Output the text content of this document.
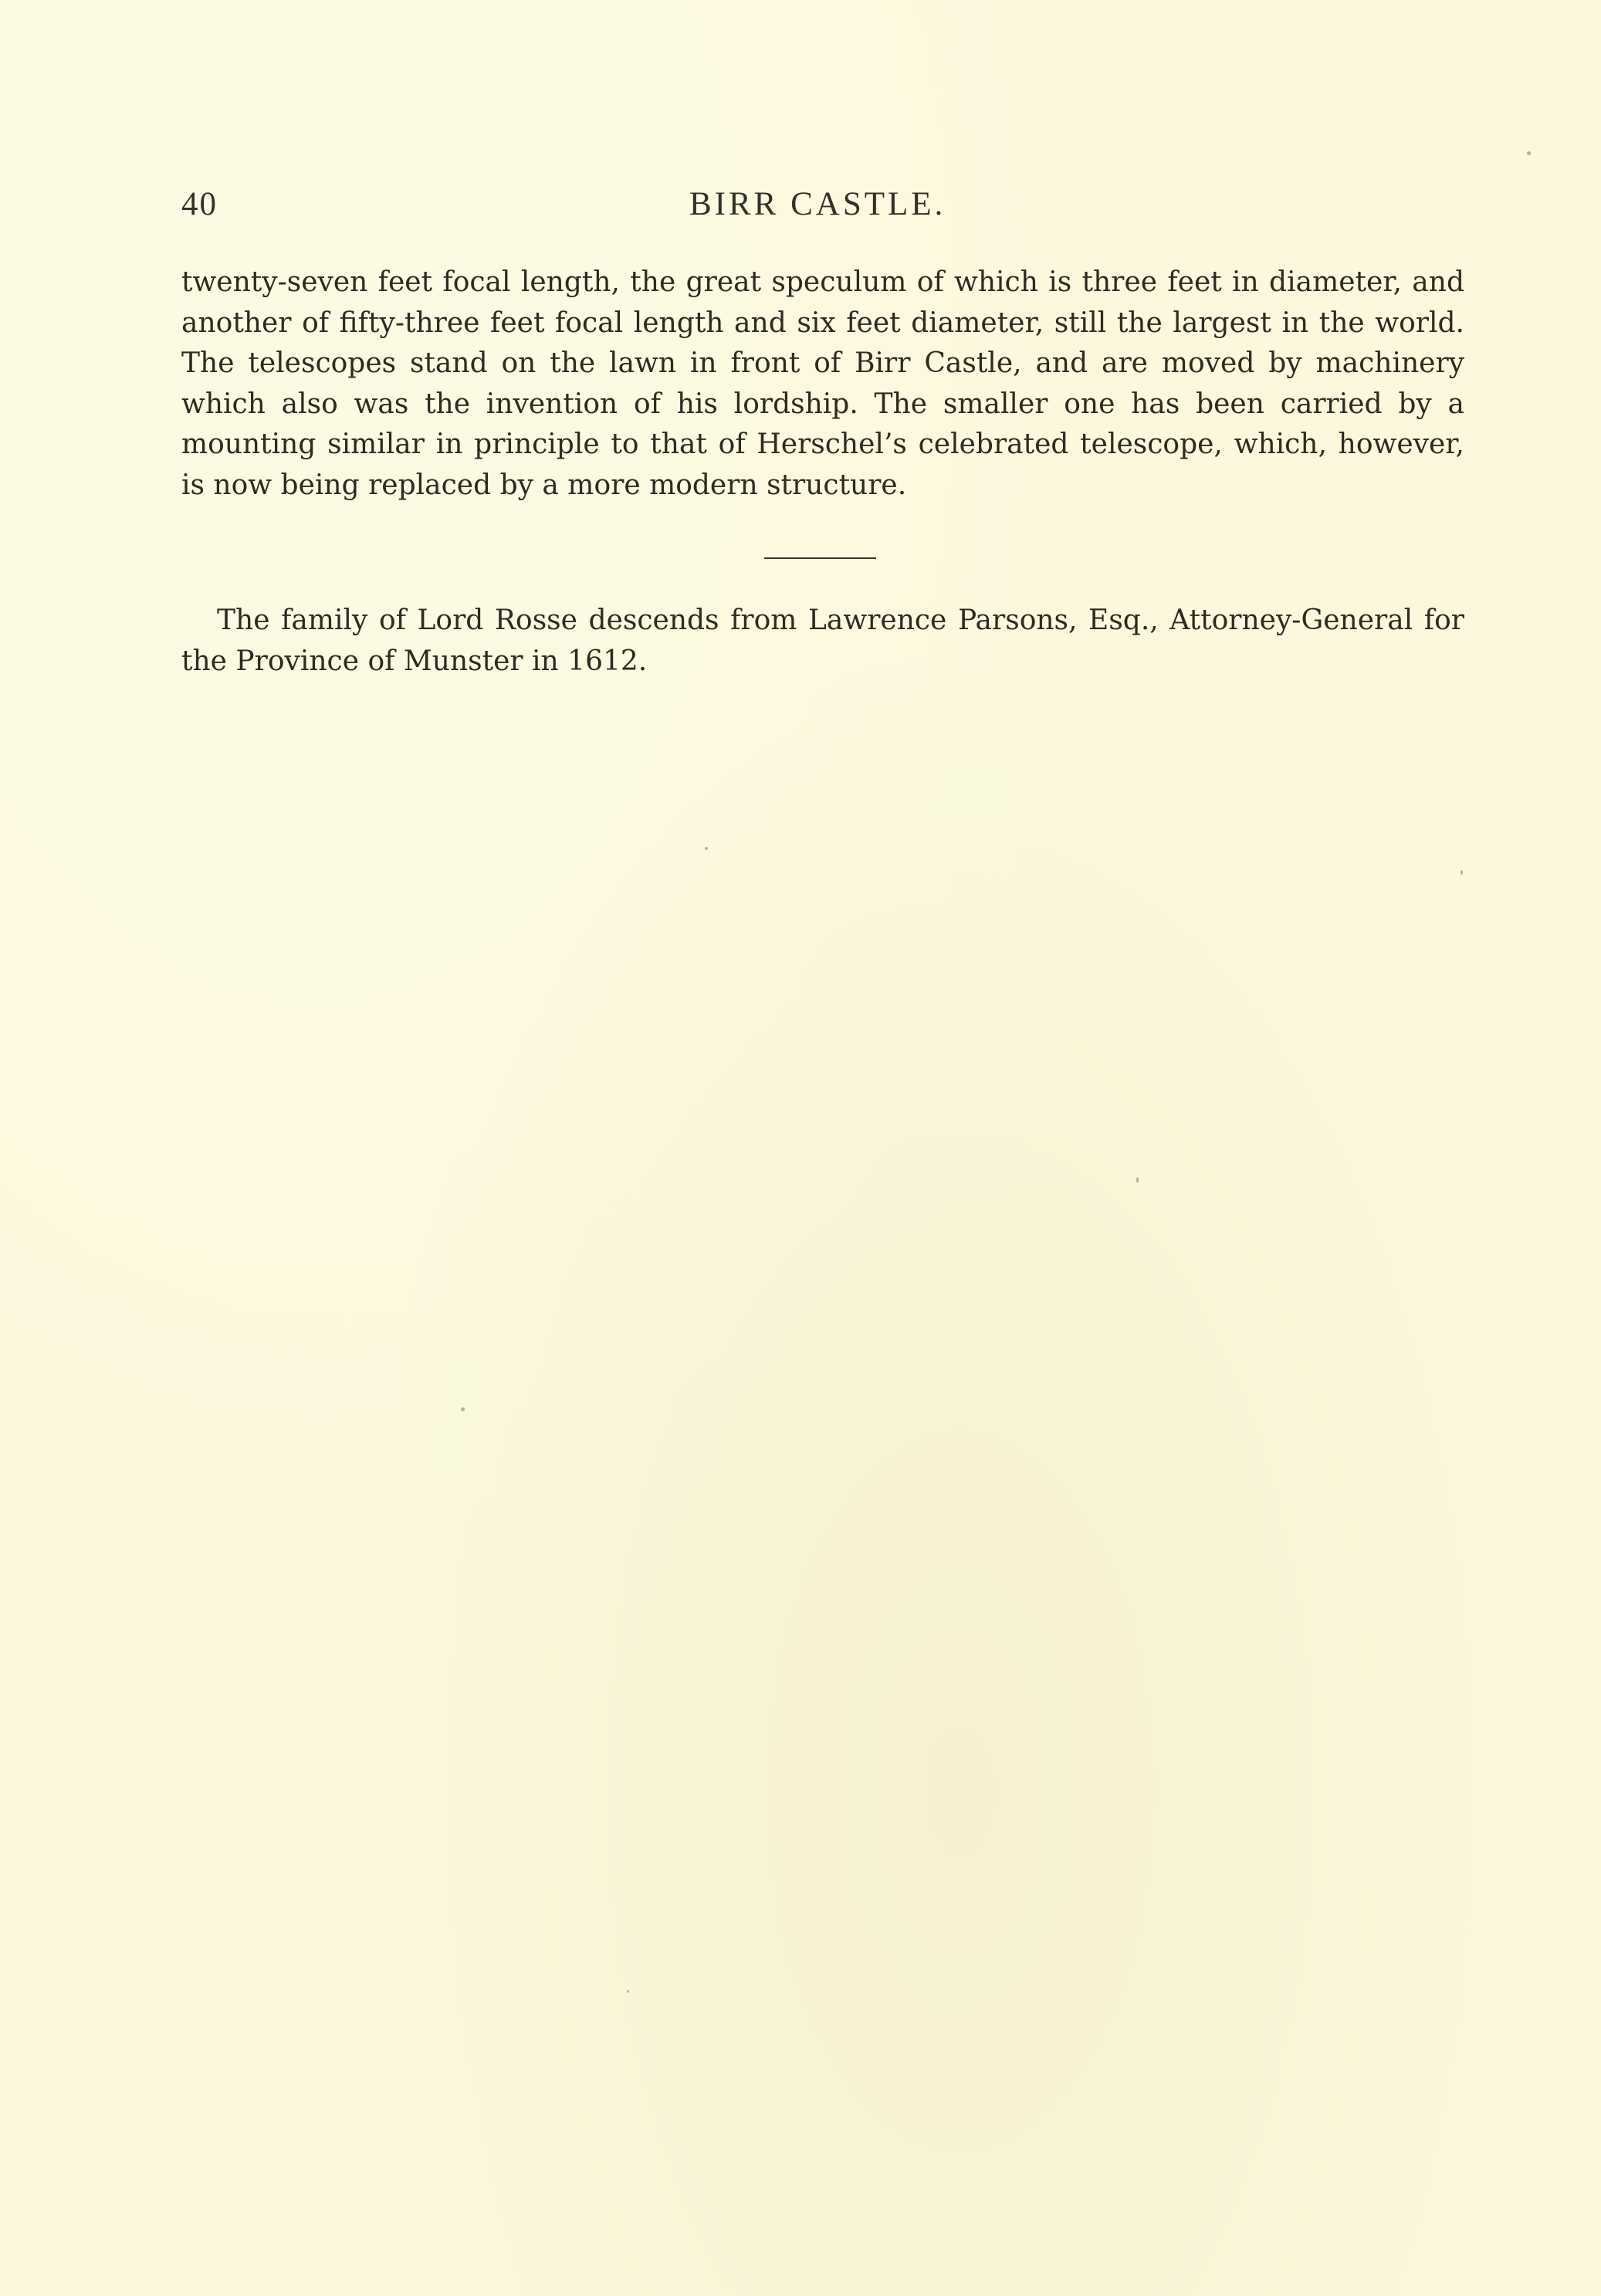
40	BIRR CASTLE.

twenty-seven feet focal length, the great speculum of which is three feet in diameter, and another of fifty-three feet focal length and six feet diameter, still the largest in the world. The telescopes stand on the lawn in front of Birr Castle, and are moved by machinery which also was the invention of his lordship. The smaller one has been carried by a mounting similar in principle to that of Herschel’s celebrated telescope, which, however, is now being replaced by a more modern structure.

The family of Lord Rosse descends from Lawrence Parsons, Esq., Attorney-General for the Province of Munster in 1612.
